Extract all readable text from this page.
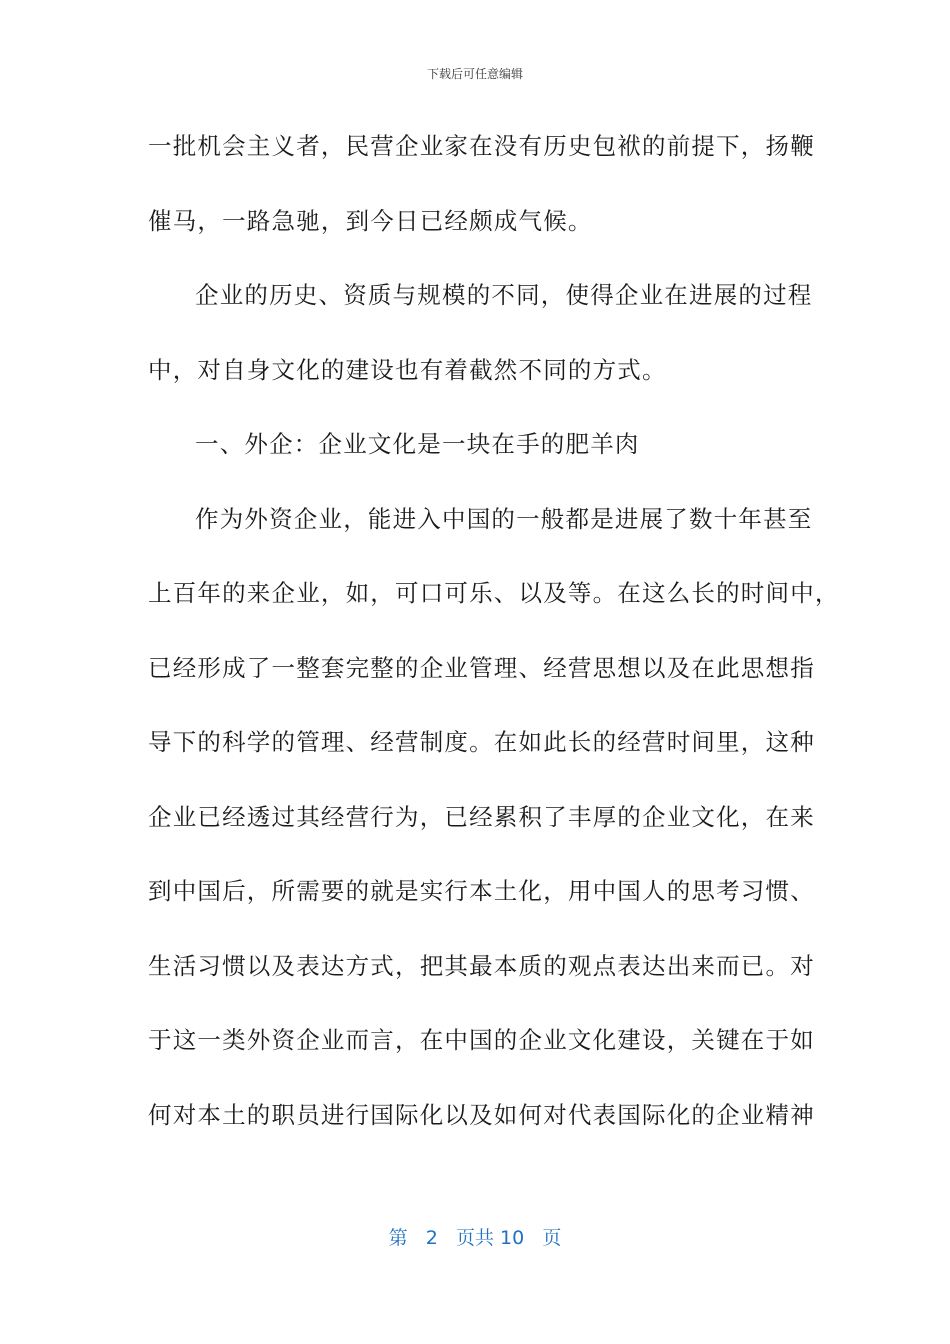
下载后可任意编辑
一批机会主义者，民营企业家在没有历史包袱的前提下，扬鞭
催马，一路急驰，到今日已经颇成气候。
企业的历史、资质与规模的不同，使得企业在进展的过程
中，对自身文化的建设也有着截然不同的方式。
一、外企：企业文化是一块在手的肥羊肉
作为外资企业，能进入中国的一般都是进展了数十年甚至
上百年的来企业，如，可口可乐、以及等。在这么长的时间中，
已经形成了一整套完整的企业管理、经营思想以及在此思想指
导下的科学的管理、经营制度。在如此长的经营时间里，这种
企业已经透过其经营行为，已经累积了丰厚的企业文化，在来
到中国后，所需要的就是实行本土化，用中国人的思考习惯、
生活习惯以及表达方式，把其最本质的观点表达出来而已。对
于这一类外资企业而言，在中国的企业文化建设，关键在于如
何对本土的职员进行国际化以及如何对代表国际化的企业精神
第 2 页共 10 页
